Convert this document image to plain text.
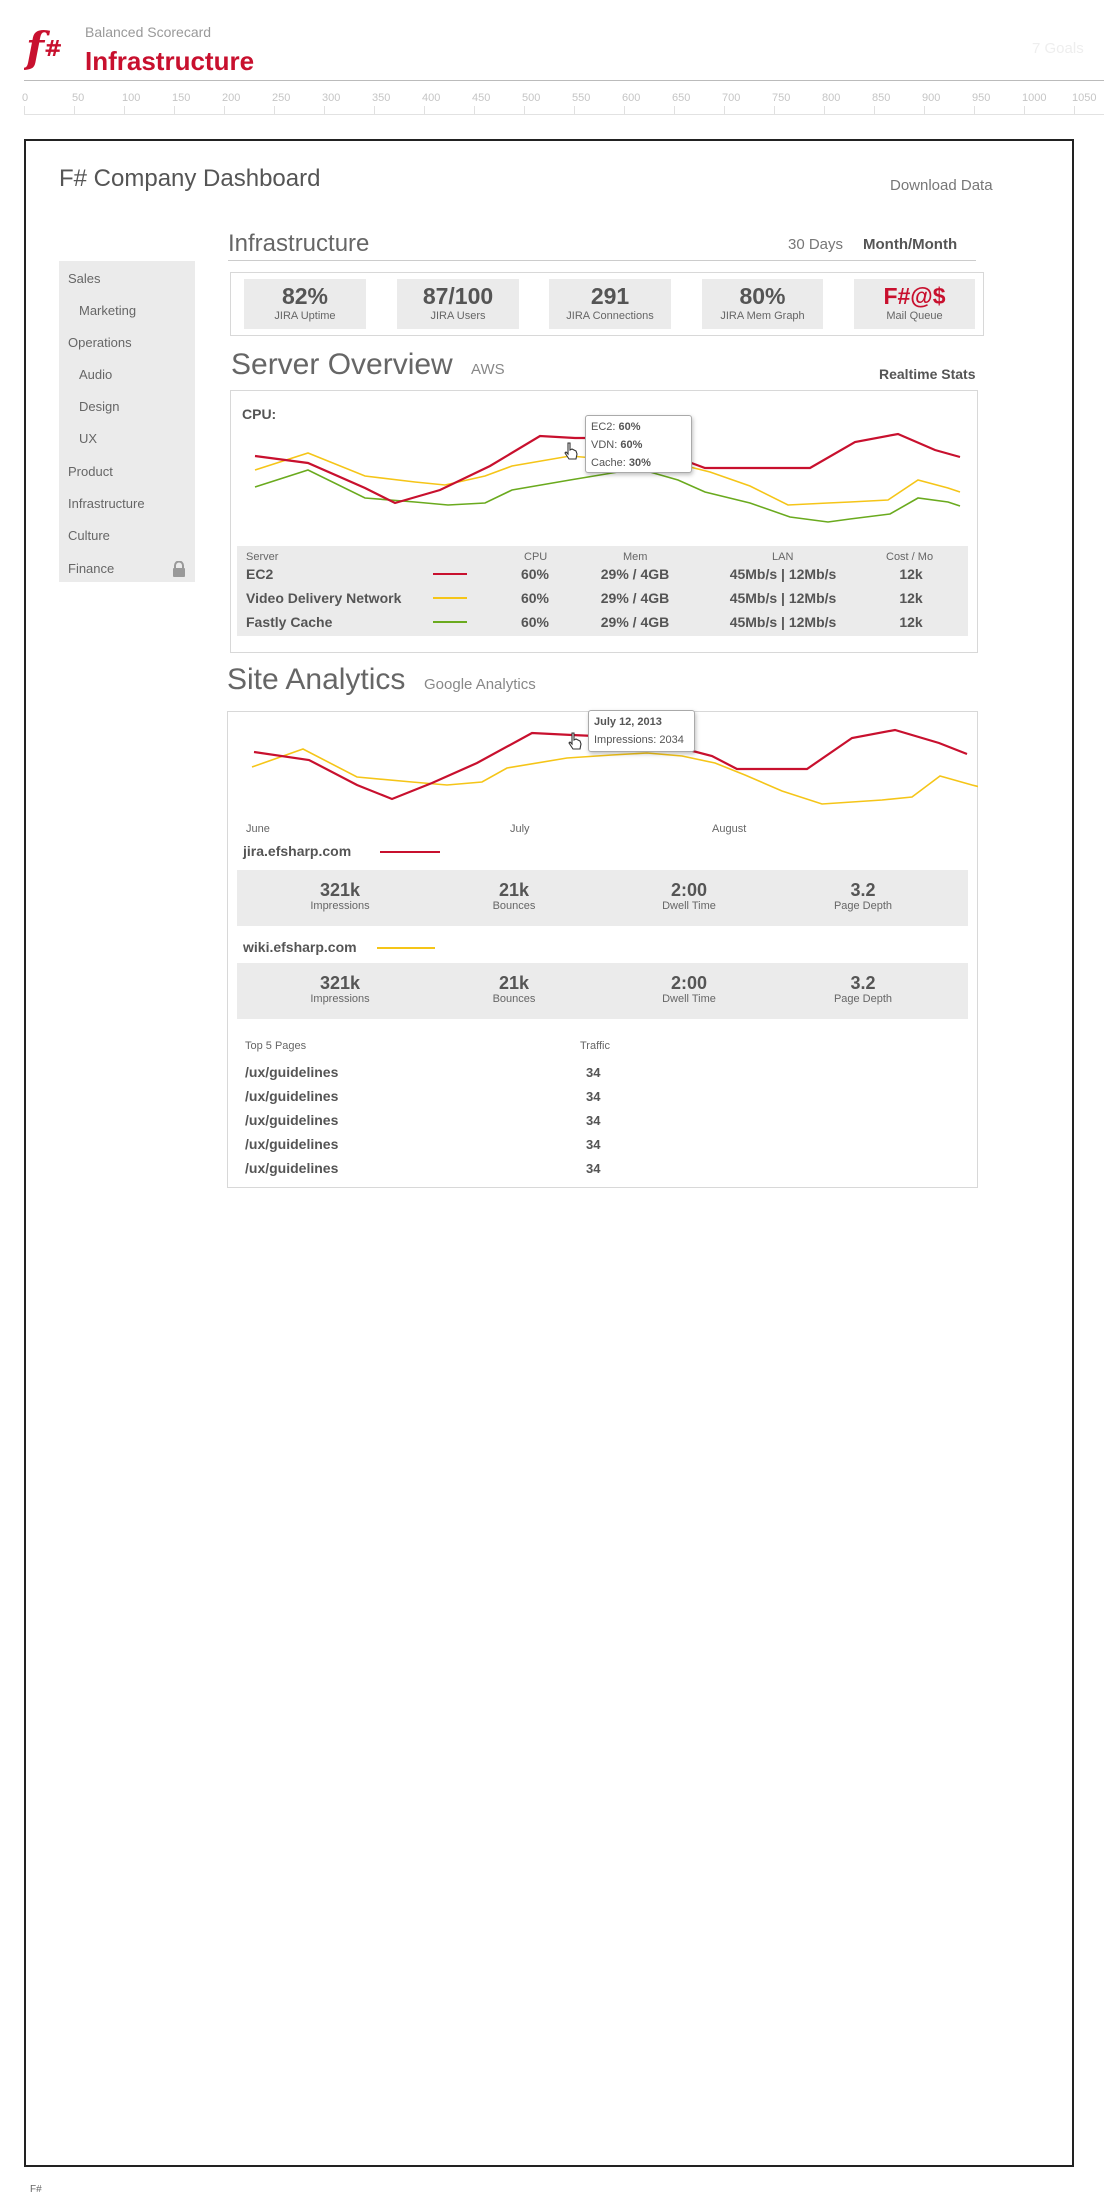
f #
Balanced Scorecard
Infrastructure	7 Goals
0	50	100	150	200	250	300	350	400	450	500	550	600	650	700	750	800	850	900	950	1000 1050
F# Company Dashboard	Download Data
Sales
Marketing
Operations
Audio
Design
UX
Product
Infrastructure
Culture
Finance
Infrastructure	30 Days Month/Month
82%
JIRA Uptime
87/100
JIRA Users
291
JIRA Connections
80%
JIRA Mem Graph
F#@$
Mail Queue
Server Overview AWS	Realtime Stats
CPU:
EC2: 60%
VDN: 60%
Cache: 30%
Server	CPU	Mem	LAN	Cost / Mo
EC2	60%	29% / 4GB	45Mb/s | 12Mb/s	12k
Video Delivery Network	60%	29% / 4GB	45Mb/s | 12Mb/s	12k
Fastly Cache	60%	29% / 4GB	45Mb/s | 12Mb/s	12k
Site Analytics Google Analytics
July 12, 2013
Impressions: 2034
June	July	August
jira.efsharp.com
321k
Impressions
21k
Bounces
2:00
Dwell Time
3.2
Page Depth
wiki.efsharp.com
321k
Impressions
21k
Bounces
2:00
Dwell Time
3.2
Page Depth
Top 5 Pages	Traffic
/ux/guidelines	34
/ux/guidelines	34
/ux/guidelines	34
/ux/guidelines	34
/ux/guidelines	34
F#
